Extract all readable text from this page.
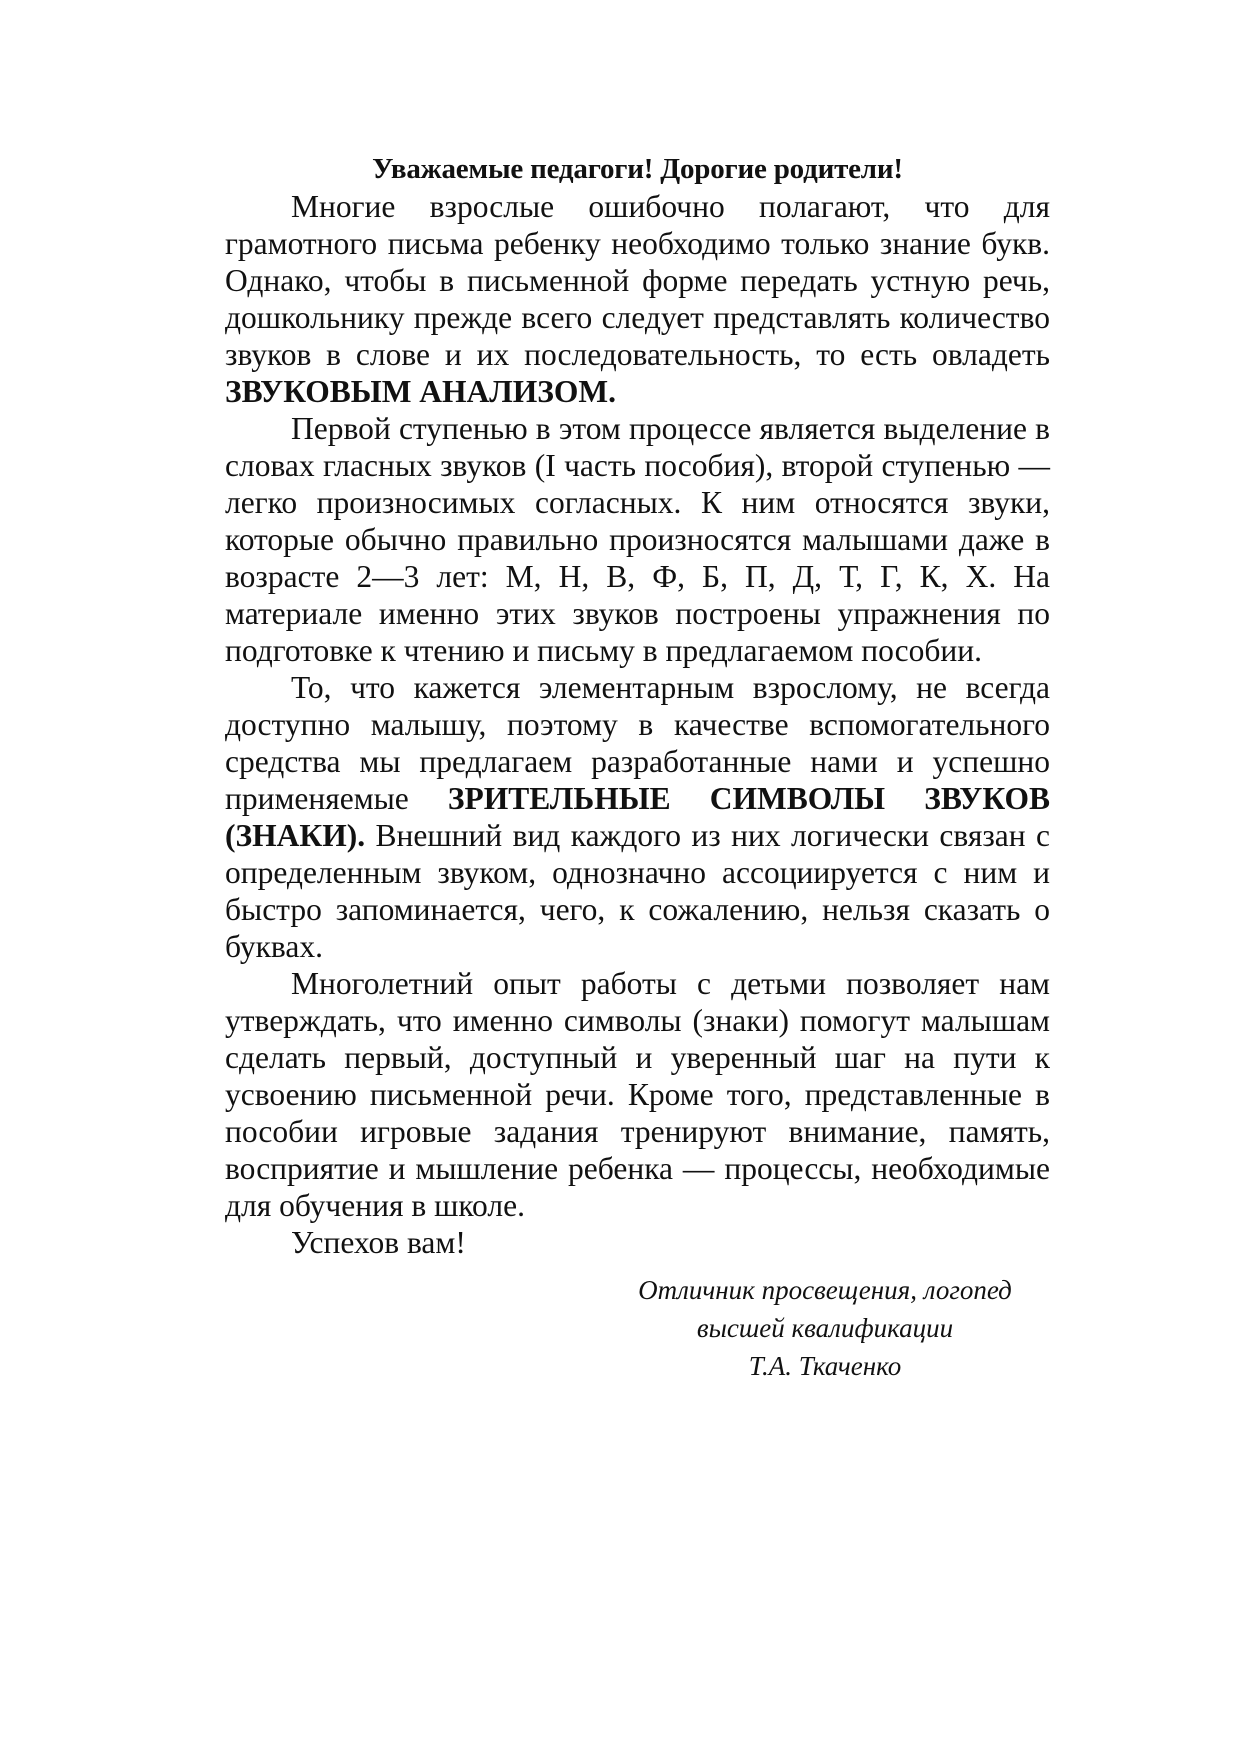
Уважаемые педагоги! Дорогие родители!

Многие взрослые ошибочно полагают, что для грамотного письма ребенку необходимо только знание букв. Однако, чтобы в письменной форме передать устную речь, дошкольнику прежде всего следует представлять количество звуков в слове и их последовательность, то есть овладеть ЗВУКОВЫМ АНАЛИЗОМ.

Первой ступенью в этом процессе является выделение в словах гласных звуков (I часть пособия), второй ступенью — легко произносимых согласных. К ним относятся звуки, которые обычно правильно произносятся малышами даже в возрасте 2—3 лет: М, Н, В, Ф, Б, П, Д, Т, Г, К, Х. На материале именно этих звуков построены упражнения по подготовке к чтению и письму в предлагаемом пособии.

То, что кажется элементарным взрослому, не всегда доступно малышу, поэтому в качестве вспомогательного средства мы предлагаем разработанные нами и успешно применяемые ЗРИТЕЛЬНЫЕ СИМВОЛЫ ЗВУКОВ (ЗНАКИ). Внешний вид каждого из них логически связан с определенным звуком, однозначно ассоциируется с ним и быстро запоминается, чего, к сожалению, нельзя сказать о буквах.

Многолетний опыт работы с детьми позволяет нам утверждать, что именно символы (знаки) помогут малышам сделать первый, доступный и уверенный шаг на пути к усвоению письменной речи. Кроме того, представленные в пособии игровые задания тренируют внимание, память, восприятие и мышление ребенка — процессы, необходимые для обучения в школе.

Успехов вам!

Отличник просвещения, логопед
высшей квалификации
Т.А. Ткаченко
